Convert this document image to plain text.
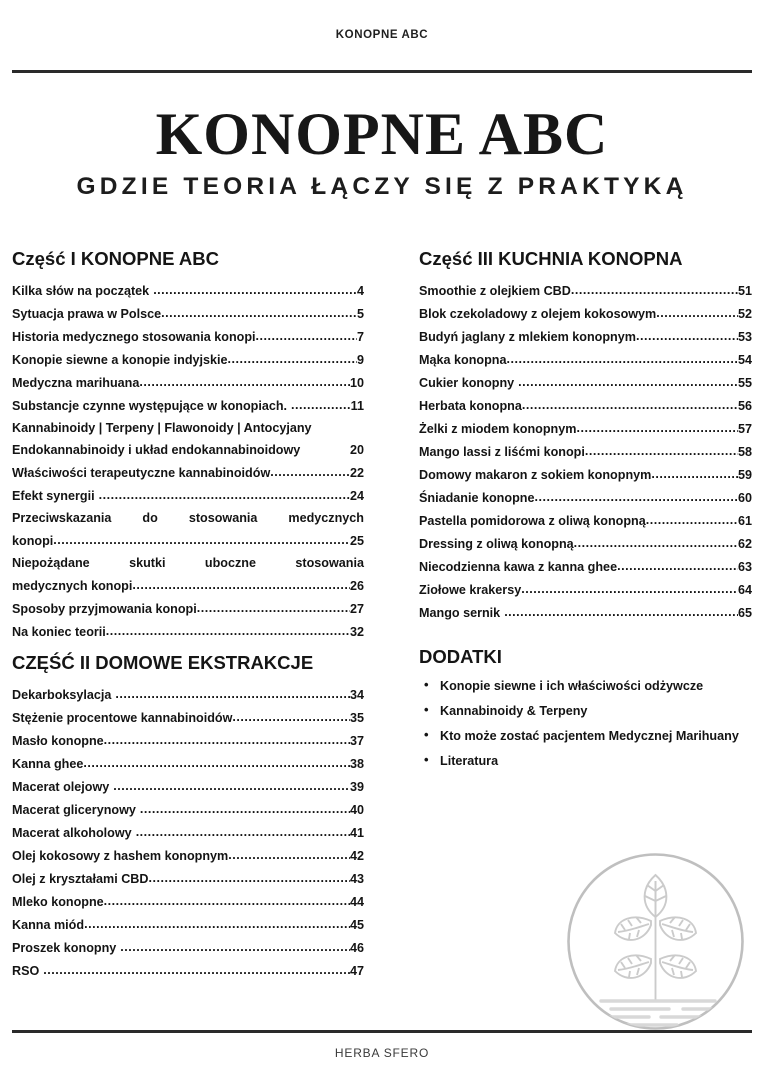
KONOPNE ABC
KONOPNE ABC
GDZIE TEORIA ŁĄCZY SIĘ Z PRAKTYKĄ
Część I KONOPNE ABC
Kilka słów na początek .....	4
Sytuacja prawa w Polsce .....	5
Historia medycznego stosowania konopi .....	7
Konopie siewne a konopie indyjskie .....	9
Medyczna marihuana .....	10
Substancje czynne występujące w konopiach. .....	11
Kannabinoidy | Terpeny | Flawonoidy | Antocyjany
Endokannabinoidy i układ endokannabinoidowy	20
Właściwości terapeutyczne kannabinoidów .....	22
Efekt synergii .....	24
Przeciwskazania do stosowania medycznych
konopi .....	25
Niepożądane skutki uboczne stosowania
medycznych konopi .....	26
Sposoby przyjmowania konopi .....	27
Na koniec teorii .....	32
CZĘŚĆ II DOMOWE EKSTRAKCJE
Dekarboksylacja .....	34
Stężenie procentowe kannabinoidów .....	35
Masło konopne .....	37
Kanna ghee .....	38
Macerat olejowy .....	39
Macerat glicerynowy .....	40
Macerat alkoholowy .....	41
Olej kokosowy z hashem konopnym .....	42
Olej z kryształami CBD .....	43
Mleko konopne .....	44
Kanna miód .....	45
Proszek konopny .....	46
RSO .....	47
Część III KUCHNIA KONOPNA
Smoothie z olejkiem CBD .....	51
Blok czekoladowy z olejem kokosowym .....	52
Budyń jaglany z mlekiem konopnym .....	53
Mąka konopna .....	54
Cukier konopny .....	55
Herbata konopna .....	56
Żelki z miodem konopnym .....	57
Mango lassi z liśćmi konopi .....	58
Domowy makaron z sokiem konopnym .....	59
Śniadanie konopne .....	60
Pastella pomidorowa z oliwą konopną .....	61
Dressing z oliwą konopną .....	62
Niecodzienna kawa z kanna ghee .....	63
Ziołowe krakersy .....	64
Mango sernik .....	65
DODATKI
• Konopie siewne i ich właściwości odżywcze
• Kannabinoidy & Terpeny
• Kto może zostać pacjentem Medycznej Marihuany
• Literatura
HERBA SFERO
